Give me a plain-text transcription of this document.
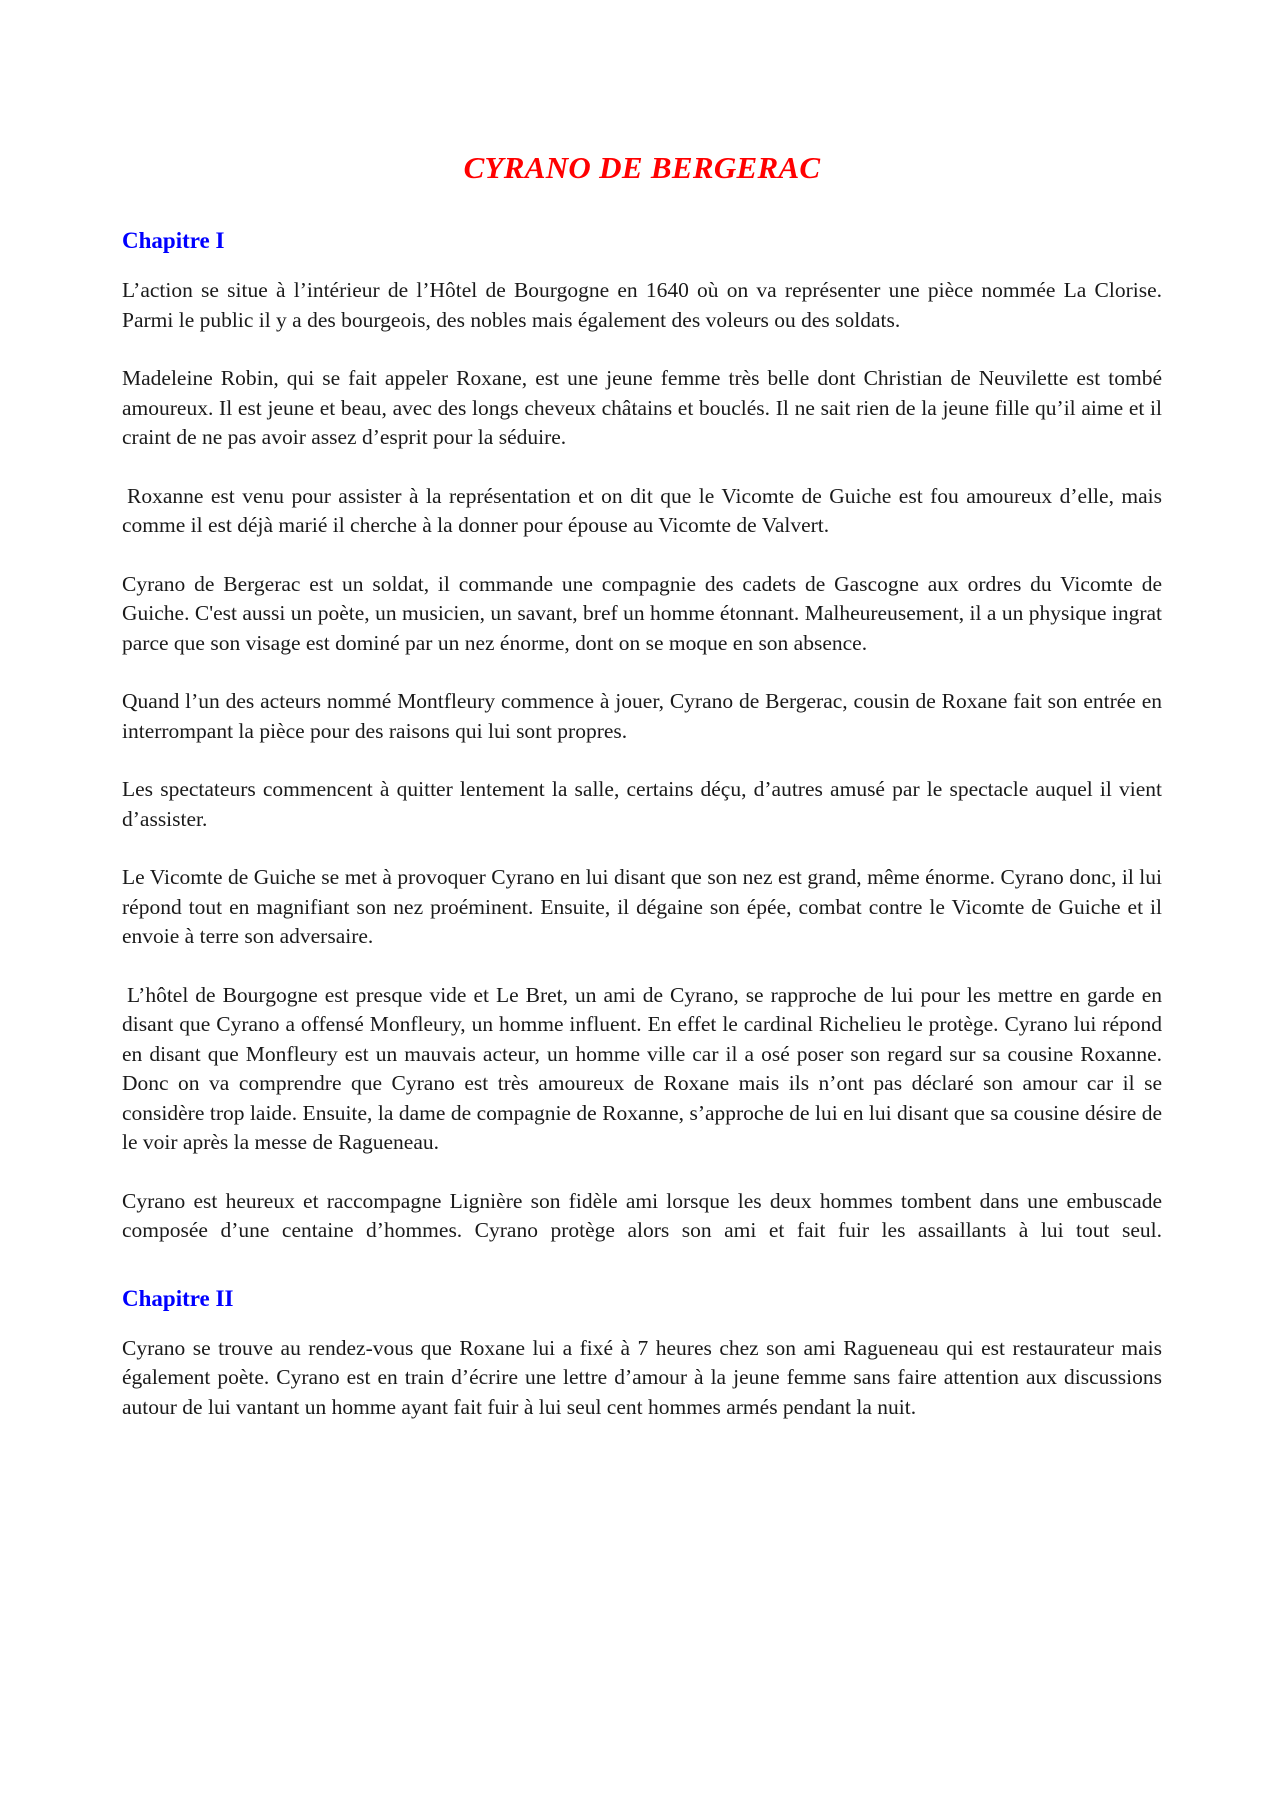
CYRANO DE BERGERAC
Chapitre I

L’action se situe à l’intérieur de l’Hôtel de Bourgogne en 1640 où on va représenter une pièce nommée La Clorise. Parmi le public il y a des bourgeois, des nobles mais également des voleurs ou des soldats.

Madeleine Robin, qui se fait appeler Roxane, est une jeune femme très belle dont Christian de Neuvilette est tombé amoureux. Il est jeune et beau, avec des longs cheveux châtains et bouclés. Il ne sait rien de la jeune fille qu’il aime et il craint de ne pas avoir assez d’esprit pour la séduire.

Roxanne est venu pour assister à la représentation et on dit que le Vicomte de Guiche est fou amoureux d’elle, mais comme il est déjà marié il cherche à la donner pour épouse au Vicomte de Valvert.

Cyrano de Bergerac est un soldat, il commande une compagnie des cadets de Gascogne aux ordres du Vicomte de Guiche. C'est aussi un poète, un musicien, un savant, bref un homme étonnant. Malheureusement, il a un physique ingrat parce que son visage est dominé par un nez énorme, dont on se moque en son absence.

Quand l’un des acteurs nommé Montfleury commence à jouer, Cyrano de Bergerac, cousin de Roxane fait son entrée en interrompant la pièce pour des raisons qui lui sont propres.

Les spectateurs commencent à quitter lentement la salle, certains déçu, d’autres amusé par le spectacle auquel il vient d’assister.

Le Vicomte de Guiche se met à provoquer Cyrano en lui disant que son nez est grand, même énorme. Cyrano donc, il lui répond tout en magnifiant son nez proéminent. Ensuite, il dégaine son épée, combat contre le Vicomte de Guiche et il envoie à terre son adversaire.

L’hôtel de Bourgogne est presque vide et Le Bret, un ami de Cyrano, se rapproche de lui pour les mettre en garde en disant que Cyrano a offensé Monfleury, un homme influent. En effet le cardinal Richelieu le protège. Cyrano lui répond en disant que Monfleury est un mauvais acteur, un homme ville car il a osé poser son regard sur sa cousine Roxanne. Donc on va comprendre que Cyrano est très amoureux de Roxane mais ils n’ont pas déclaré son amour car il se considère trop laide. Ensuite, la dame de compagnie de Roxanne, s’approche de lui en lui disant que sa cousine désire de le voir après la messe de Ragueneau.

Cyrano est heureux et raccompagne Lignière son fidèle ami lorsque les deux hommes tombent dans une embuscade composée d’une centaine d’hommes. Cyrano protège alors son ami et fait fuir les assaillants à lui tout seul.

Chapitre II

Cyrano se trouve au rendez-vous que Roxane lui a fixé à 7 heures chez son ami Ragueneau qui est restaurateur mais également poète. Cyrano est en train d’écrire une lettre d’amour à la jeune femme sans faire attention aux discussions autour de lui vantant un homme ayant fait fuir à lui seul cent hommes armés pendant la nuit.
